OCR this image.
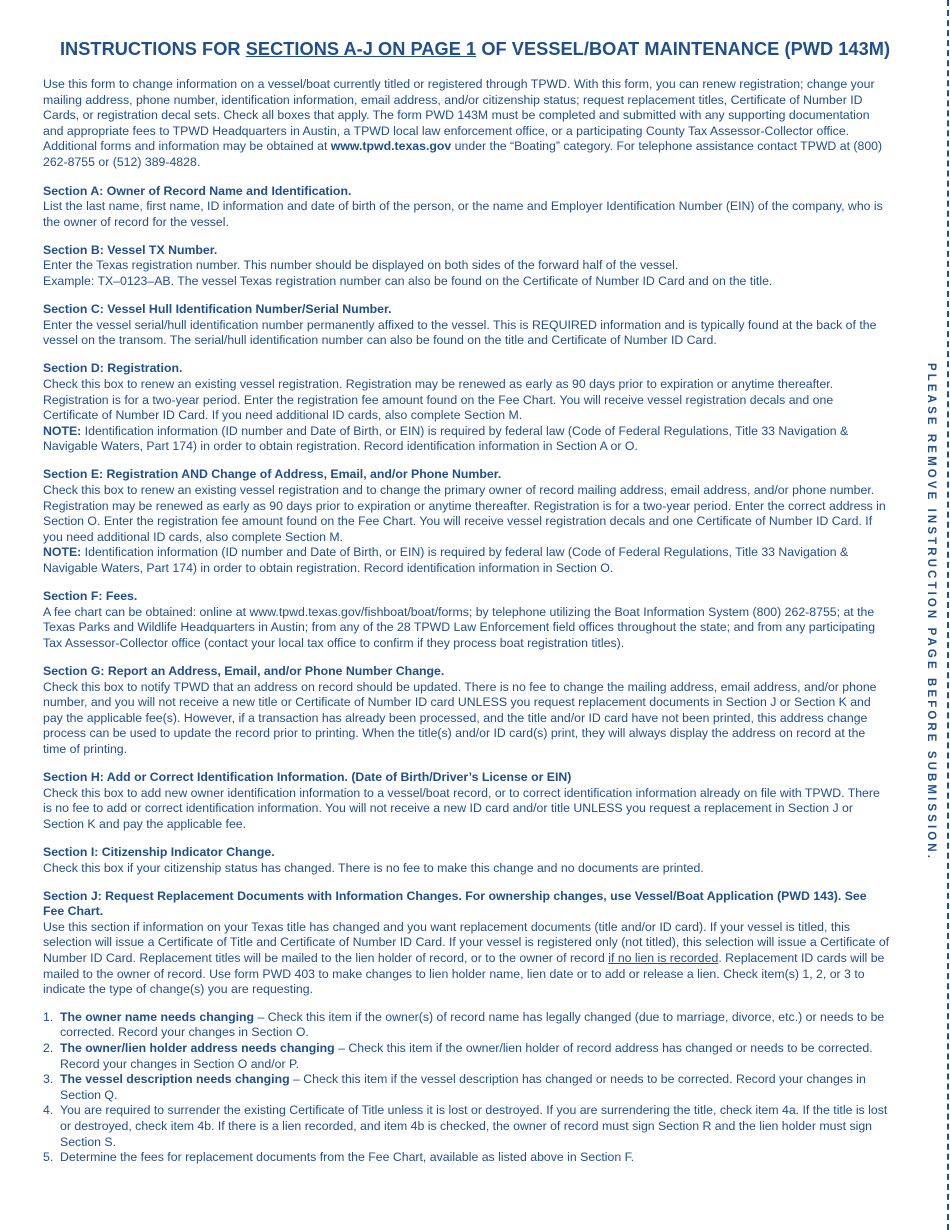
INSTRUCTIONS FOR SECTIONS A-J ON PAGE 1 OF VESSEL/BOAT MAINTENANCE (PWD 143M)

Use this form to change information on a vessel/boat currently titled or registered through TPWD. With this form, you can renew registration; change your mailing address, phone number, identification information, email address, and/or citizenship status; request replacement titles, Certificate of Number ID Cards, or registration decal sets. Check all boxes that apply. The form PWD 143M must be completed and submitted with any supporting documentation and appropriate fees to TPWD Headquarters in Austin, a TPWD local law enforcement office, or a participating County Tax Assessor-Collector office. Additional forms and information may be obtained at www.tpwd.texas.gov under the “Boating” category. For telephone assistance contact TPWD at (800) 262-8755 or (512) 389-4828.

Section A: Owner of Record Name and Identification.

List the last name, first name, ID information and date of birth of the person, or the name and Employer Identification Number (EIN) of the company, who is the owner of record for the vessel.

Section B: Vessel TX Number.

Enter the Texas registration number. This number should be displayed on both sides of the forward half of the vessel.

Example: TX–0123–AB. The vessel Texas registration number can also be found on the Certificate of Number ID Card and on the title.

Section C: Vessel Hull Identification Number/Serial Number.

Enter the vessel serial/hull identification number permanently affixed to the vessel. This is REQUIRED information and is typically found at the back of the vessel on the transom. The serial/hull identification number can also be found on the title and Certificate of Number ID Card.

Section D: Registration.

Check this box to renew an existing vessel registration. Registration may be renewed as early as 90 days prior to expiration or anytime thereafter. Registration is for a two-year period. Enter the registration fee amount found on the Fee Chart. You will receive vessel registration decals and one Certificate of Number ID Card. If you need additional ID cards, also complete Section M.

NOTE: Identification information (ID number and Date of Birth, or EIN) is required by federal law (Code of Federal Regulations, Title 33 Navigation & Navigable Waters, Part 174) in order to obtain registration. Record identification information in Section A or O.

Section E: Registration AND Change of Address, Email, and/or Phone Number.

Check this box to renew an existing vessel registration and to change the primary owner of record mailing address, email address, and/or phone number. Registration may be renewed as early as 90 days prior to expiration or anytime thereafter. Registration is for a two-year period. Enter the correct address in Section O. Enter the registration fee amount found on the Fee Chart. You will receive vessel registration decals and one Certificate of Number ID Card. If you need additional ID cards, also complete Section M.

NOTE: Identification information (ID number and Date of Birth, or EIN) is required by federal law (Code of Federal Regulations, Title 33 Navigation & Navigable Waters, Part 174) in order to obtain registration. Record identification information in Section O.

Section F: Fees.

A fee chart can be obtained: online at www.tpwd.texas.gov/fishboat/boat/forms; by telephone utilizing the Boat Information System (800) 262-8755; at the Texas Parks and Wildlife Headquarters in Austin; from any of the 28 TPWD Law Enforcement field offices throughout the state; and from any participating Tax Assessor-Collector office (contact your local tax office to confirm if they process boat registration titles).

Section G: Report an Address, Email, and/or Phone Number Change.

Check this box to notify TPWD that an address on record should be updated. There is no fee to change the mailing address, email address, and/or phone number, and you will not receive a new title or Certificate of Number ID card UNLESS you request replacement documents in Section J or Section K and pay the applicable fee(s). However, if a transaction has already been processed, and the title and/or ID card have not been printed, this address change process can be used to update the record prior to printing. When the title(s) and/or ID card(s) print, they will always display the address on record at the time of printing.

Section H: Add or Correct Identification Information. (Date of Birth/Driver’s License or EIN)

Check this box to add new owner identification information to a vessel/boat record, or to correct identification information already on file with TPWD. There is no fee to add or correct identification information. You will not receive a new ID card and/or title UNLESS you request a replacement in Section J or Section K and pay the applicable fee.

Section I: Citizenship Indicator Change.

Check this box if your citizenship status has changed. There is no fee to make this change and no documents are printed.

Section J: Request Replacement Documents with Information Changes. For ownership changes, use Vessel/Boat Application (PWD 143). See Fee Chart.

Use this section if information on your Texas title has changed and you want replacement documents (title and/or ID card). If your vessel is titled, this selection will issue a Certificate of Title and Certificate of Number ID Card. If your vessel is registered only (not titled), this selection will issue a Certificate of Number ID Card. Replacement titles will be mailed to the lien holder of record, or to the owner of record if no lien is recorded. Replacement ID cards will be mailed to the owner of record. Use form PWD 403 to make changes to lien holder name, lien date or to add or release a lien. Check item(s) 1, 2, or 3 to indicate the type of change(s) you are requesting.

1. The owner name needs changing – Check this item if the owner(s) of record name has legally changed (due to marriage, divorce, etc.) or needs to be corrected. Record your changes in Section O.
2. The owner/lien holder address needs changing – Check this item if the owner/lien holder of record address has changed or needs to be corrected. Record your changes in Section O and/or P.
3. The vessel description needs changing – Check this item if the vessel description has changed or needs to be corrected. Record your changes in Section Q.
4. You are required to surrender the existing Certificate of Title unless it is lost or destroyed. If you are surrendering the title, check item 4a. If the title is lost or destroyed, check item 4b. If there is a lien recorded, and item 4b is checked, the owner of record must sign Section R and the lien holder must sign Section S.
5. Determine the fees for replacement documents from the Fee Chart, available as listed above in Section F.
PLEASE REMOVE INSTRUCTION PAGE BEFORE SUBMISSION.
